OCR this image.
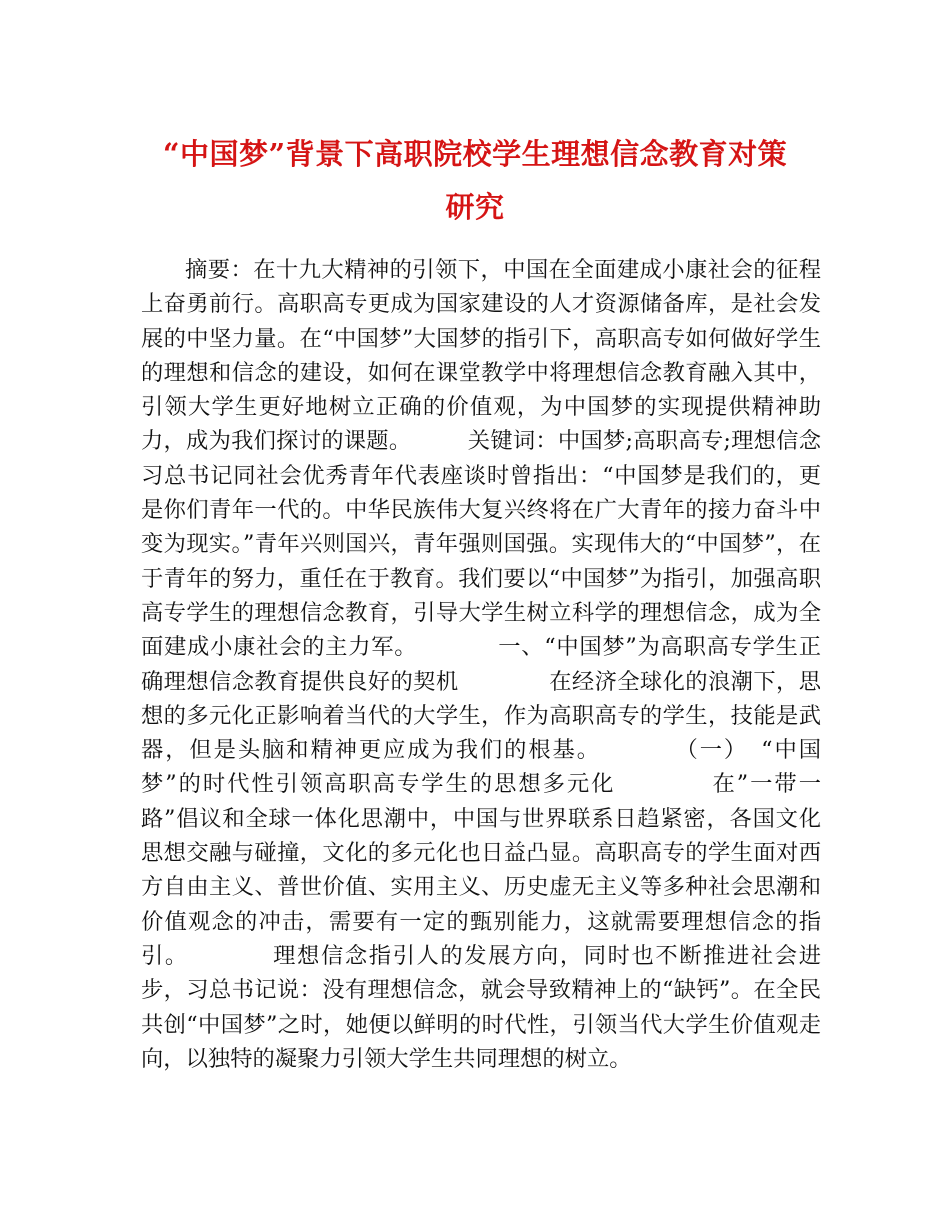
“中国梦”背景下高职院校学生理想信念教育对策研究

摘要：在十九大精神的引领下，中国在全面建成小康社会的征程上奋勇前行。高职高专更成为国家建设的人才资源储备库，是社会发展的中坚力量。在“中国梦”大国梦的指引下，高职高专如何做好学生的理想和信念的建设，如何在课堂教学中将理想信念教育融入其中，引领大学生更好地树立正确的价值观，为中国梦的实现提供精神助力，成为我们探讨的课题。　　　关键词：中国梦;高职高专;理想信念　　　　习总书记同社会优秀青年代表座谈时曾指出：“中国梦是我们的，更是你们青年一代的。中华民族伟大复兴终将在广大青年的接力奋斗中变为现实。”青年兴则国兴，青年强则国强。实现伟大的“中国梦”，在于青年的努力，重任在于教育。我们要以“中国梦”为指引，加强高职高专学生的理想信念教育，引导大学生树立科学的理想信念，成为全面建成小康社会的主力军。　　　　一、“中国梦”为高职高专学生正确理想信念教育提供良好的契机　　　　在经济全球化的浪潮下，思想的多元化正影响着当代的大学生，作为高职高专的学生，技能是武器，但是头脑和精神更应成为我们的根基。　　　　（一）　“中国梦”的时代性引领高职高专学生的思想多元化　　　　在”一带一路”倡议和全球一体化思潮中，中国与世界联系日趋紧密，各国文化思想交融与碰撞，文化的多元化也日益凸显。高职高专的学生面对西方自由主义、普世价值、实用主义、历史虚无主义等多种社会思潮和价值观念的冲击，需要有一定的甄别能力，这就需要理想信念的指引。　　　　理想信念指引人的发展方向，同时也不断推进社会进步，习总书记说：没有理想信念，就会导致精神上的“缺钙”。在全民共创“中国梦”之时，她便以鲜明的时代性，引领当代大学生价值观走向，以独特的凝聚力引领大学生共同理想的树立。
